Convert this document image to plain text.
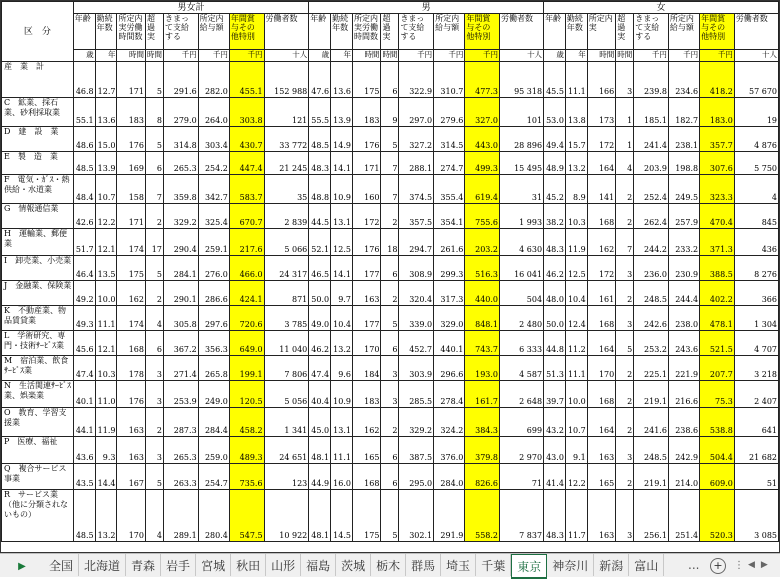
区　分	男女計								男								女							
	年齢	勤続年数	所定内実労働時間数	超過実	きまって支給する	所定内給与額	年間賞与その他特別	労働者数	年齢	勤続年数	所定内実労働時間数	超過実	きまって支給する	所定内給与額	年間賞与その他特別	労働者数	年齢	勤続年数	所定内実	超過実	きまって支給する	所定内給与額	年間賞与その他特別	労働者数
	歳	年	時間	時間	千円	千円	千円	十人	歳	年	時間	時間	千円	千円	千円	十人	歳	年	時間	時間	千円	千円	千円	十人
産　業　計	46.8	12.7	171	5	291.6	282.0	455.1	152 988	47.6	13.6	175	6	322.9	310.7	477.3	95 318	45.5	11.1	166	3	239.8	234.6	418.2	57 670
C　鉱業、採石業、砂利採取業	55.1	13.6	183	8	279.0	264.0	303.8	121	55.5	13.9	183	9	297.0	279.6	327.0	101	53.0	13.8	173	1	185.1	182.7	183.0	19
D　建　設　業	48.6	15.0	176	5	314.8	303.4	430.7	33 772	48.5	14.9	176	5	327.2	314.5	443.0	28 896	49.4	15.7	172	1	241.4	238.1	357.7	4 876
E　製　造　業	48.5	13.9	169	6	265.3	254.2	447.4	21 245	48.3	14.1	171	7	288.1	274.7	499.3	15 495	48.9	13.2	164	4	203.9	198.8	307.6	5 750
F　電気・ｶﾞｽ・熱供給・水道業	48.4	10.7	158	7	359.8	342.7	583.7	35	48.8	10.9	160	7	374.5	355.4	619.4	31	45.2	8.9	141	2	252.4	249.5	323.3	4
G　情報通信業	42.6	12.2	171	2	329.2	325.4	670.7	2 839	44.5	13.1	172	2	357.5	354.1	755.6	1 993	38.2	10.3	168	2	262.4	257.9	470.4	845
H　運輸業、郵便業	51.7	12.1	174	17	290.4	259.1	217.6	5 066	52.1	12.5	176	18	294.7	261.6	203.2	4 630	48.3	11.9	162	7	244.2	233.2	371.3	436
I　卸売業、小売業	46.4	13.5	175	5	284.1	276.0	466.0	24 317	46.5	14.1	177	6	308.9	299.3	516.3	16 041	46.2	12.5	172	3	236.0	230.9	388.5	8 276
J　金融業、保険業	49.2	10.0	162	2	290.1	286.6	424.1	871	50.0	9.7	163	2	320.4	317.3	440.0	504	48.0	10.4	161	2	248.5	244.4	402.2	366
K　不動産業、物品賃貸業	49.3	11.1	174	4	305.8	297.6	720.6	3 785	49.0	10.4	177	5	339.0	329.0	848.1	2 480	50.0	12.4	168	3	242.6	238.0	478.1	1 304
L　学術研究、専門・技術ｻｰﾋﾞｽ業	45.6	12.1	168	6	367.2	356.3	649.0	11 040	46.2	13.2	170	6	452.7	440.1	743.7	6 333	44.8	11.2	164	5	253.2	243.6	521.5	4 707
M　宿泊業、飲食ｻｰﾋﾞｽ業	47.4	10.3	178	3	271.4	265.8	199.1	7 806	47.4	9.6	184	3	303.9	296.6	193.0	4 587	51.3	11.1	170	2	225.1	221.9	207.7	3 218
N　生活関連ｻｰﾋﾞｽ業、娯楽業	40.1	11.0	176	3	253.9	249.0	120.5	5 056	40.4	10.9	183	3	285.5	278.4	161.7	2 648	39.7	10.0	168	2	219.1	216.6	75.3	2 407
O　教育、学習支援業	44.1	11.9	163	2	287.3	284.4	458.2	1 341	45.0	13.1	162	2	329.2	324.2	384.3	699	43.2	10.7	164	2	241.6	238.6	538.8	641
P　医療、福祉	43.6	9.3	163	3	265.3	259.0	489.3	24 651	48.1	11.1	165	6	387.5	376.0	379.8	2 970	43.0	9.1	163	3	248.5	242.9	504.4	21 682
Q　複合サービス事業	43.5	14.4	167	5	263.3	254.7	735.6	123	44.9	16.0	168	6	295.0	284.0	826.6	71	41.4	12.2	165	2	219.1	214.0	609.0	51
R　サービス業（他に分類されないもの）	48.5	13.2	170	4	289.1	280.4	547.5	10 922	48.1	14.5	175	5	302.1	291.9	558.2	7 837	48.3	11.7	163	3	256.1	251.4	520.3	3 085
▶	全国 北海道 青森 岩手 宮城 秋田 山形 福島 茨城 栃木 群馬 埼玉 千葉	東京 神奈川 新潟 富山	...	+	⋮ ◀ ▶
